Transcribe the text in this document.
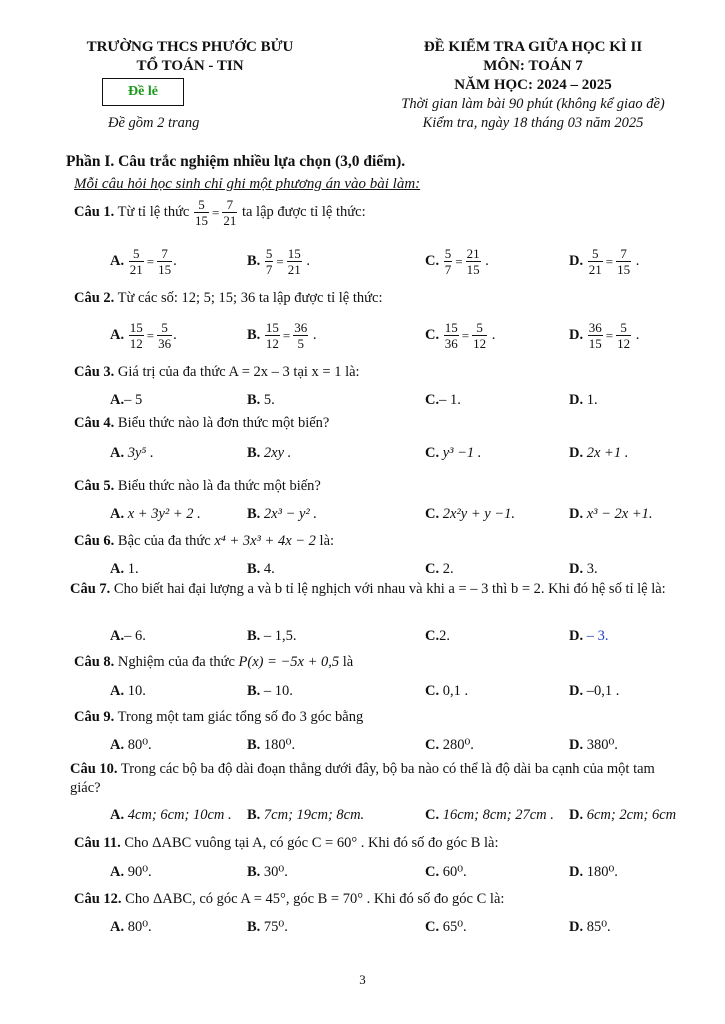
TRƯỜNG THCS PHƯỚC BỬU
TỔ TOÁN - TIN
Đề lẻ
Đề gồm 2 trang
ĐỀ KIỂM TRA GIỮA HỌC KÌ II
MÔN: TOÁN 7
NĂM HỌC: 2024 – 2025
Thời gian làm bài 90 phút (không kể giao đề)
Kiểm tra, ngày 18 tháng 03 năm 2025
Phần I. Câu trắc nghiệm nhiều lựa chọn (3,0 điểm).
Mỗi câu hỏi học sinh chỉ ghi một phương án vào bài làm:
Câu 1. Từ tỉ lệ thức $\frac{5}{15} = \frac{7}{21}$ ta lập được tỉ lệ thức:
A. $\frac{5}{21} = \frac{7}{15}$ .	B. $\frac{5}{7} = \frac{15}{21}$ .	C. $\frac{5}{7} = \frac{21}{15}$ .	D. $\frac{5}{21} = \frac{7}{15}$ .
Câu 2. Từ các số: 12; 5; 15; 36 ta lập được tỉ lệ thức:
A. $\frac{15}{12} = \frac{5}{36}$ .	B. $\frac{15}{12} = \frac{36}{5}$ .	C. $\frac{15}{36} = \frac{5}{12}$ .	D. $\frac{36}{15} = \frac{5}{12}$ .
Câu 3. Giá trị của đa thức A = 2x – 3 tại x = 1 là:
A.– 5	B. 5.	C.– 1.	D. 1.
Câu 4. Biểu thức nào là đơn thức một biến?
A. 3y⁵ .	B. 2xy .	C. y³ −1 .	D. 2x +1 .
Câu 5. Biểu thức nào là đa thức một biến?
A. x + 3y² + 2 .	B. 2x³ − y² .	C. 2x²y + y −1.	D. x³ − 2x +1.
Câu 6. Bậc của đa thức x⁴ + 3x³ + 4x − 2 là:
A. 1.	B. 4.	C. 2.	D. 3.
Câu 7. Cho biết hai đại lượng a và b tỉ lệ nghịch với nhau và khi a = – 3 thì b = 2. Khi đó hệ số tỉ lệ là:
A.– 6.	B. – 1,5.	C.2.	D. – 3.
Câu 8. Nghiệm của đa thức P(x) = −5x + 0,5 là
A. 10.	B. – 10.	C. 0,1 .	D. –0,1 .
Câu 9. Trong một tam giác tổng số đo 3 góc bằng
A. 80⁰.	B. 180⁰.	C. 280⁰.	D. 380⁰.
Câu 10. Trong các bộ ba độ dài đoạn thẳng dưới đây, bộ ba nào có thể là độ dài ba cạnh của một tam giác?
A. 4cm; 6cm; 10cm . B. 7cm; 19cm; 8cm.	C. 16cm; 8cm; 27cm . D. 6cm; 2cm; 6cm
Câu 11. Cho ΔABC vuông tại A, có góc C = 60° . Khi đó số đo góc B là:
A. 90⁰.	B. 30⁰.	C. 60⁰.	D. 180⁰.
Câu 12. Cho ΔABC, có góc A = 45°, góc B = 70° . Khi đó số đo góc C là:
A. 80⁰.	B. 75⁰.	C. 65⁰.	D. 85⁰.
3
